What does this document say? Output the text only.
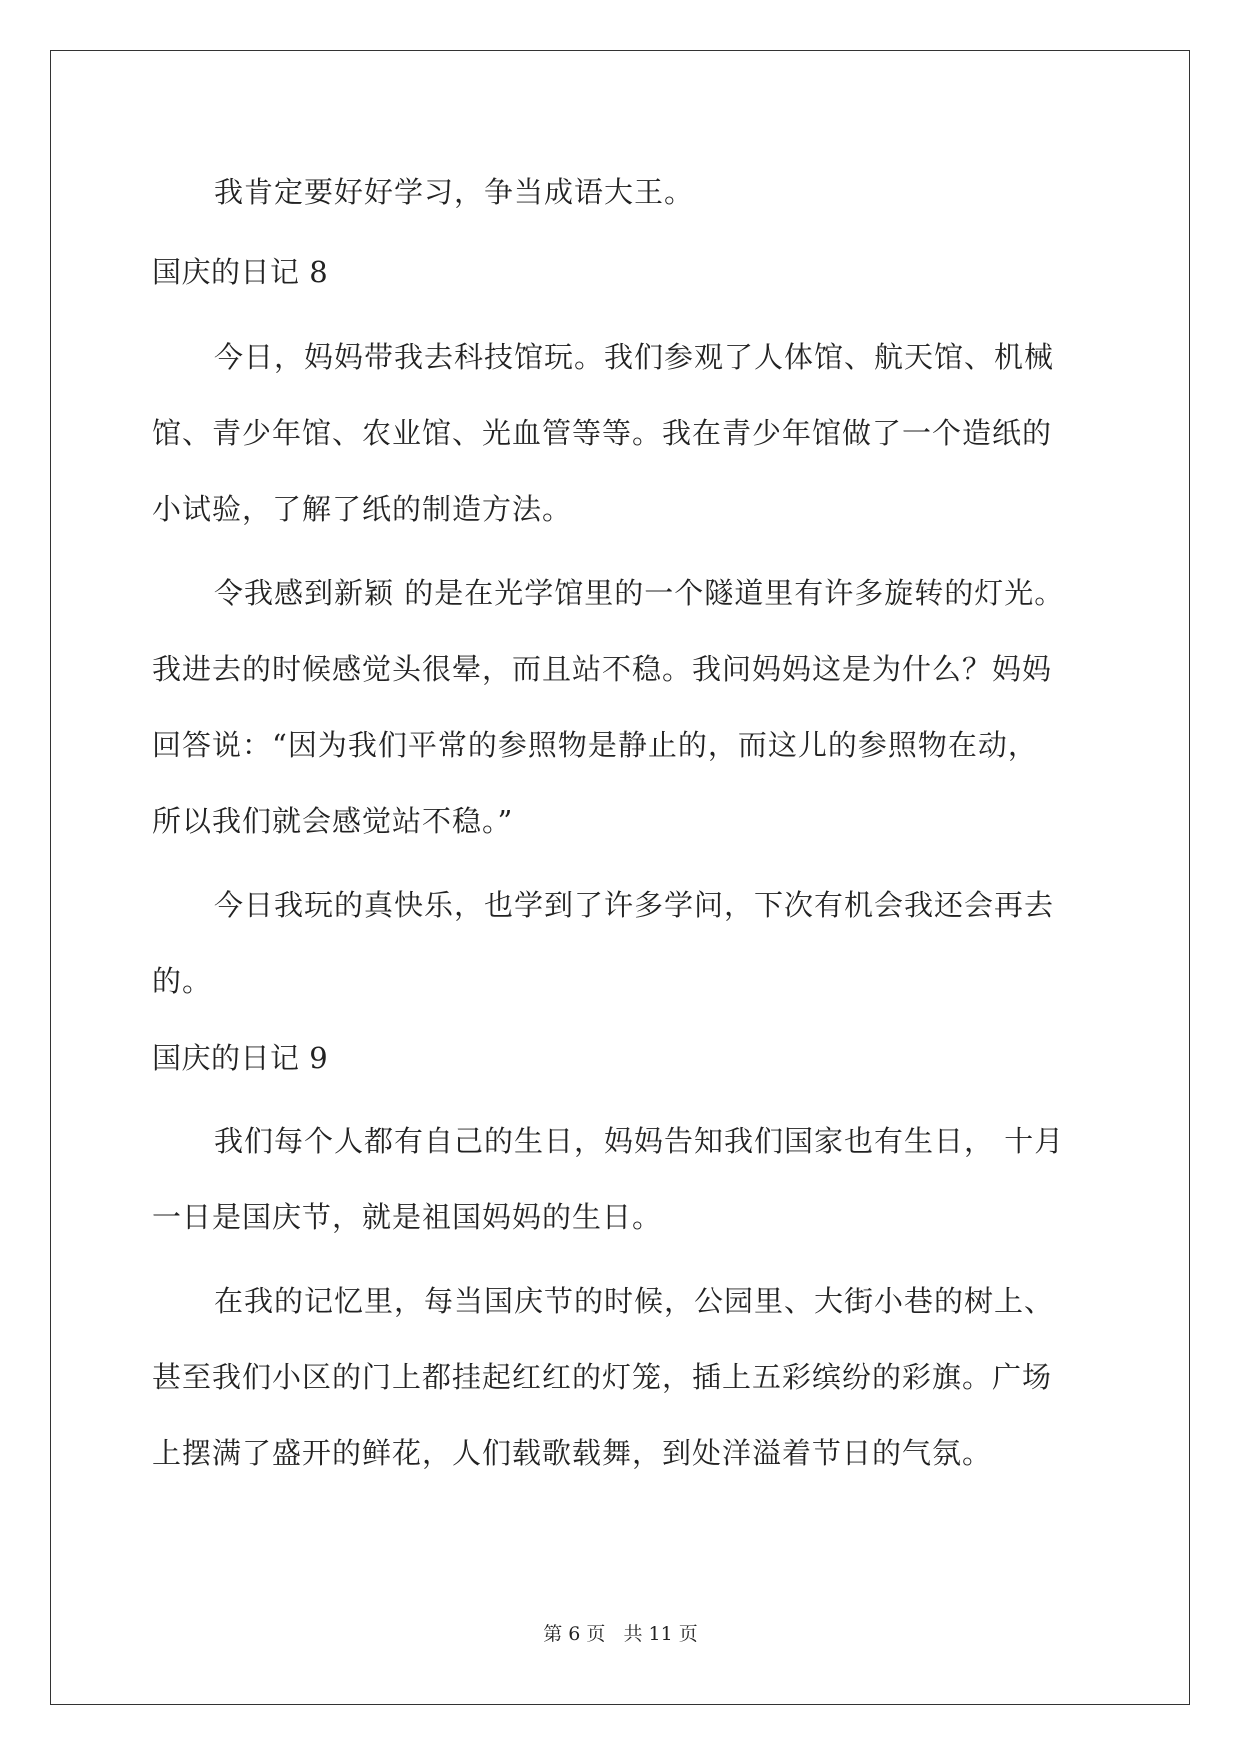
我肯定要好好学习，争当成语大王。
国庆的日记 8
今日，妈妈带我去科技馆玩。我们参观了人体馆、航天馆、机械
馆、青少年馆、农业馆、光血管等等。我在青少年馆做了一个造纸的
小试验，了解了纸的制造方法。
令我感到新颖 的是在光学馆里的一个隧道里有许多旋转的灯光。
我进去的时候感觉头很晕，而且站不稳。我问妈妈这是为什么？妈妈
回答说：“因为我们平常的参照物是静止的，而这儿的参照物在动，
所以我们就会感觉站不稳。”
今日我玩的真快乐，也学到了许多学问，下次有机会我还会再去
的。
国庆的日记 9
我们每个人都有自己的生日，妈妈告知我们国家也有生日， 十月
一日是国庆节，就是祖国妈妈的生日。
在我的记忆里，每当国庆节的时候，公园里、大街小巷的树上、
甚至我们小区的门上都挂起红红的灯笼，插上五彩缤纷的彩旗。广场
上摆满了盛开的鲜花，人们载歌载舞，到处洋溢着节日的气氛。
第 6 页   共 11 页
